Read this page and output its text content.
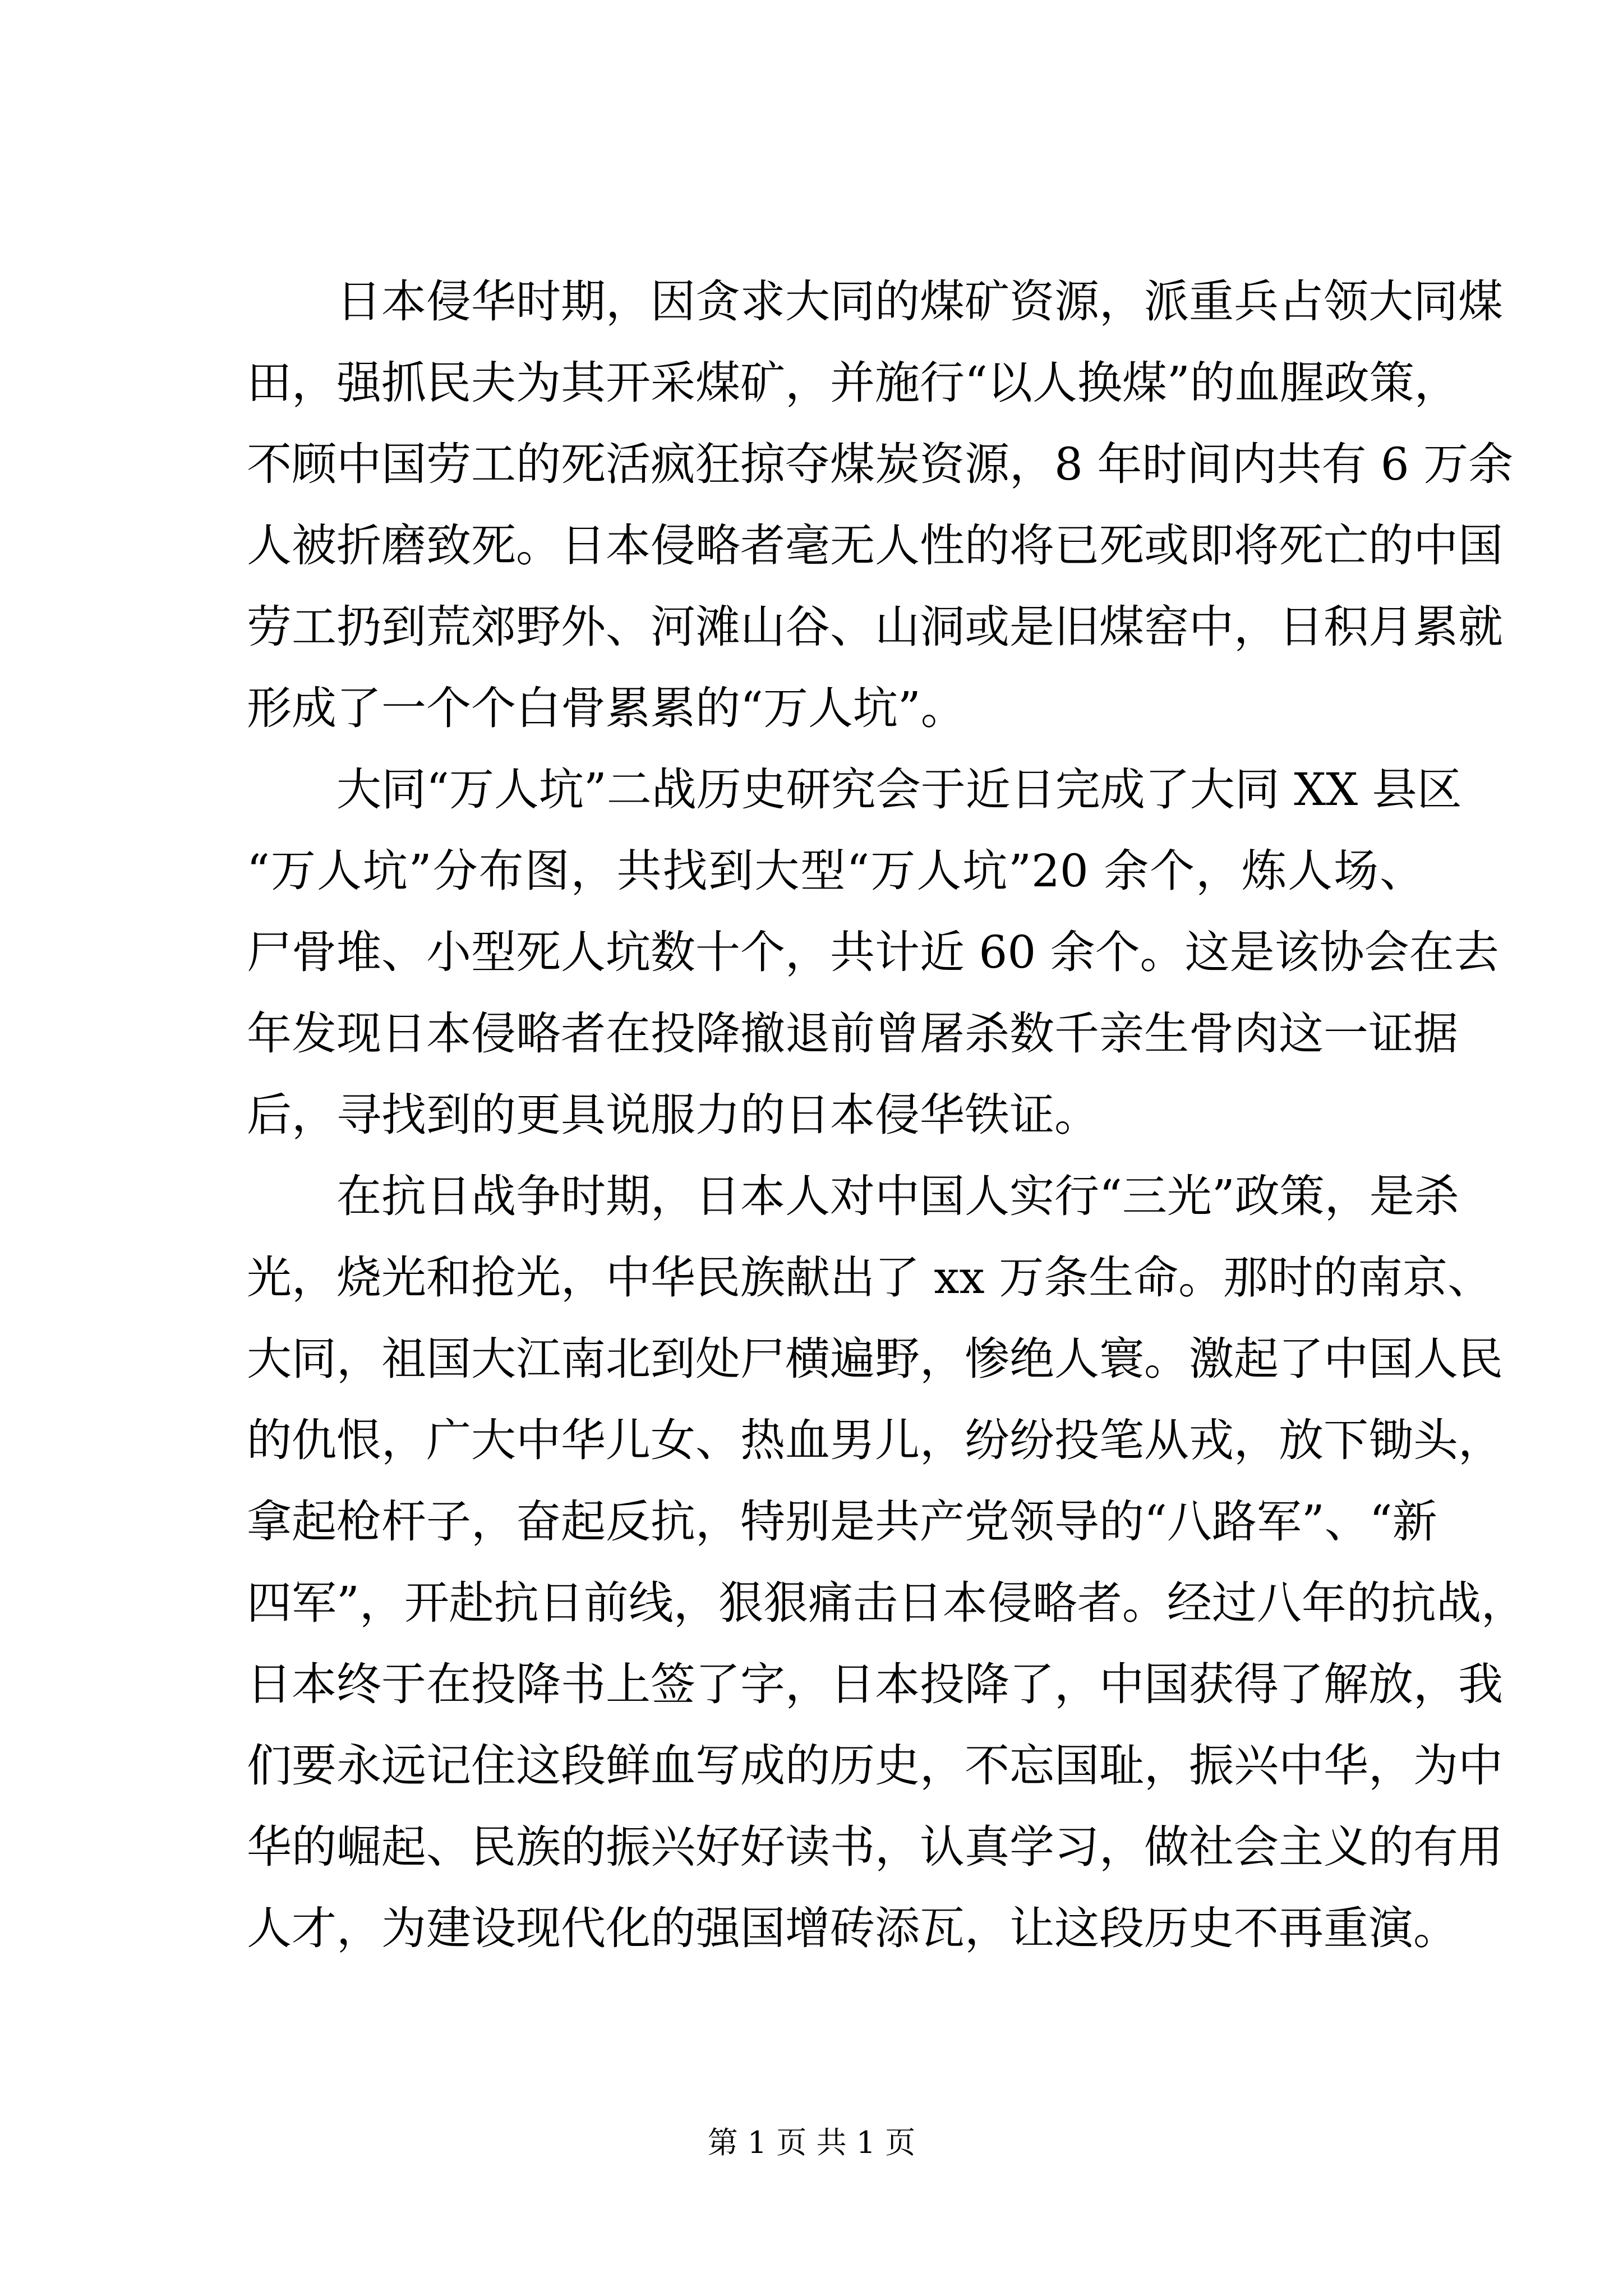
日本侵华时期，因贪求大同的煤矿资源，派重兵占领大同煤
田，强抓民夫为其开采煤矿，并施行“以人换煤”的血腥政策，
不顾中国劳工的死活疯狂掠夺煤炭资源，8 年时间内共有 6 万余
人被折磨致死。日本侵略者毫无人性的将已死或即将死亡的中国
劳工扔到荒郊野外、河滩山谷、山洞或是旧煤窑中，日积月累就
形成了一个个白骨累累的“万人坑”。
大同“万人坑”二战历史研究会于近日完成了大同 XX 县区
“万人坑”分布图，共找到大型“万人坑”20 余个，炼人场、
尸骨堆、小型死人坑数十个，共计近 60 余个。这是该协会在去
年发现日本侵略者在投降撤退前曾屠杀数千亲生骨肉这一证据
后，寻找到的更具说服力的日本侵华铁证。
在抗日战争时期，日本人对中国人实行“三光”政策，是杀
光，烧光和抢光，中华民族献出了 xx 万条生命。那时的南京、
大同，祖国大江南北到处尸横遍野，惨绝人寰。激起了中国人民
的仇恨，广大中华儿女、热血男儿，纷纷投笔从戎，放下锄头，
拿起枪杆子，奋起反抗，特别是共产党领导的“八路军”、“新
四军”，开赴抗日前线，狠狠痛击日本侵略者。经过八年的抗战，
日本终于在投降书上签了字，日本投降了，中国获得了解放，我
们要永远记住这段鲜血写成的历史，不忘国耻，振兴中华，为中
华的崛起、民族的振兴好好读书，认真学习，做社会主义的有用
人才，为建设现代化的强国增砖添瓦，让这段历史不再重演。
第 1 页 共 1 页
